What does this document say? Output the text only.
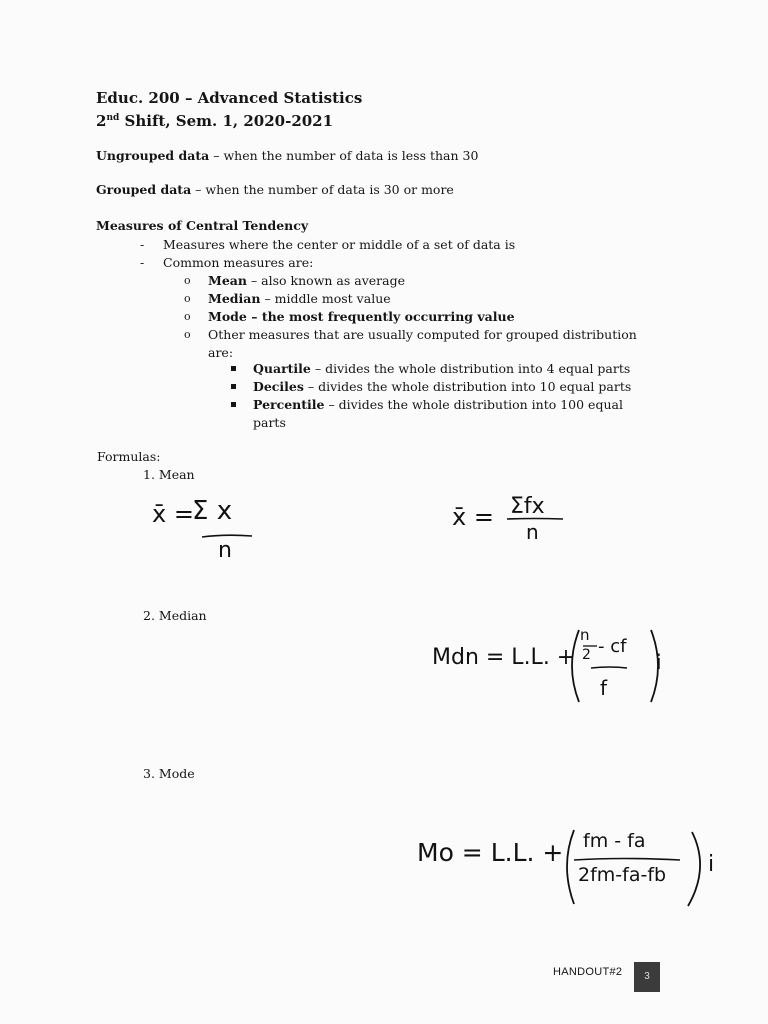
Educ. 200 – Advanced Statistics
2nd Shift, Sem. 1, 2020-2021
Ungrouped data – when the number of data is less than 30
Grouped data – when the number of data is 30 or more
Measures of Central Tendency
- Measures where the center or middle of a set of data is
- Common measures are:
o Mean – also known as average
o Median – middle most value
o Mode – the most frequently occurring value
o Other measures that are usually computed for grouped distribution are:
Quartile – divides the whole distribution into 4 equal parts
Deciles – divides the whole distribution into 10 equal parts
Percentile – divides the whole distribution into 100 equal parts
Formulas:
1. Mean
2. Median
3. Mode
x̄ =
Σ x
n
x̄ = Σfx
n
Mdn = L.L. +
n
2 - cf
f
i
Mo = L.L. + fm - fa
2fm-fa-fb i
HANDOUT#2	3
